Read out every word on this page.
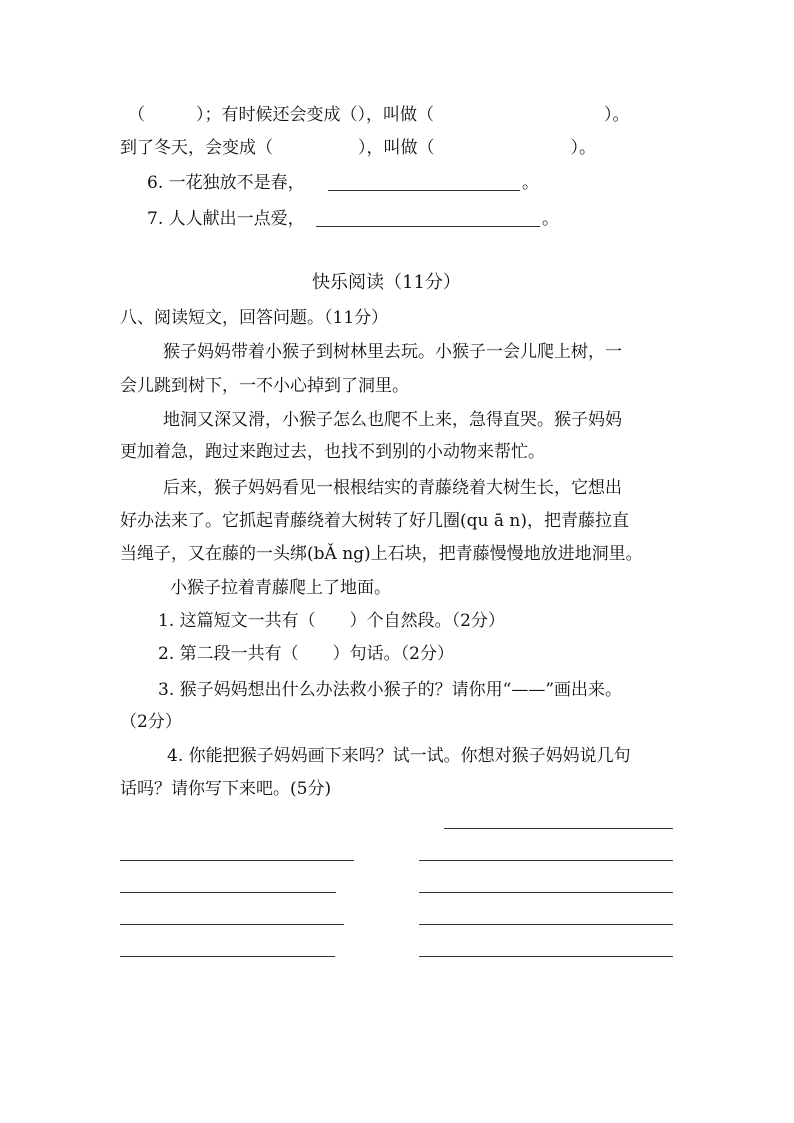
（　　　）；有时候还会变成（），叫做（　　　　　　　　　　）。
到了冬天，会变成（　　　　　），叫做（　　　　　　　　）。
6. 一花独放不是春，	。
7. 人人献出一点爱，	。
快乐阅读（11分）
八、阅读短文，回答问题。（11分）
猴子妈妈带着小猴子到树林里去玩。小猴子一会儿爬上树，一
会儿跳到树下，一不小心掉到了洞里。
地洞又深又滑，小猴子怎么也爬不上来，急得直哭。猴子妈妈
更加着急，跑过来跑过去，也找不到别的小动物来帮忙。
后来，猴子妈妈看见一根根结实的青藤绕着大树生长，它想出
好办法来了。它抓起青藤绕着大树转了好几圈(qu ā n)，把青藤拉直
当绳子，又在藤的一头绑(bǍ ng)上石块，把青藤慢慢地放进地洞里。
小猴子拉着青藤爬上了地面。
1. 这篇短文一共有（　　）个自然段。（2分）
2. 第二段一共有（　　）句话。（2分）
3. 猴子妈妈想出什么办法救小猴子的？请你用“——”画出来。
（2分）
4. 你能把猴子妈妈画下来吗？试一试。你想对猴子妈妈说几句
话吗？请你写下来吧。(5分)
